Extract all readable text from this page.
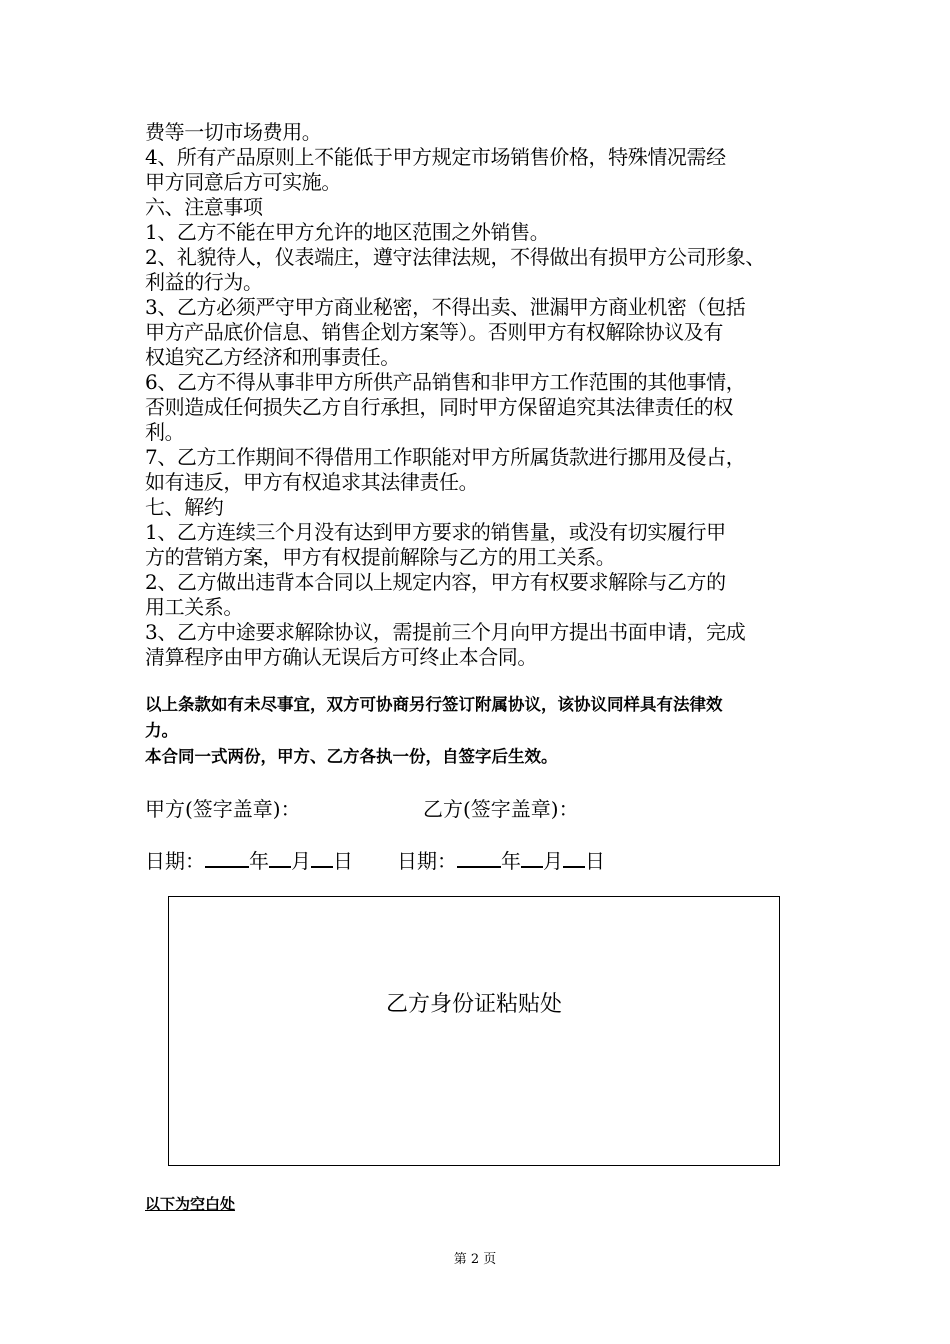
费等一切市场费用。
4、所有产品原则上不能低于甲方规定市场销售价格，特殊情况需经
甲方同意后方可实施。
六、注意事项
1、乙方不能在甲方允许的地区范围之外销售。
2、礼貌待人，仪表端庄，遵守法律法规，不得做出有损甲方公司形象、
利益的行为。
3、乙方必须严守甲方商业秘密，不得出卖、泄漏甲方商业机密（包括
甲方产品底价信息、销售企划方案等）。否则甲方有权解除协议及有
权追究乙方经济和刑事责任。
6、乙方不得从事非甲方所供产品销售和非甲方工作范围的其他事情，
否则造成任何损失乙方自行承担，同时甲方保留追究其法律责任的权
利。
7、乙方工作期间不得借用工作职能对甲方所属货款进行挪用及侵占，
如有违反，甲方有权追求其法律责任。
七、解约
1、乙方连续三个月没有达到甲方要求的销售量，或没有切实履行甲
方的营销方案，甲方有权提前解除与乙方的用工关系。
2、乙方做出违背本合同以上规定内容，甲方有权要求解除与乙方的
用工关系。
3、乙方中途要求解除协议，需提前三个月向甲方提出书面申请，完成
清算程序由甲方确认无误后方可终止本合同。
以上条款如有未尽事宜，双方可协商另行签订附属协议，该协议同样具有法律效
力。
本合同一式两份，甲方、乙方各执一份，自签字后生效。
甲方(签字盖章)：	乙方(签字盖章)：
日期： 年 月 日 日期： 年 月 日
乙方身份证粘贴处
以下为空白处
第 2 页
